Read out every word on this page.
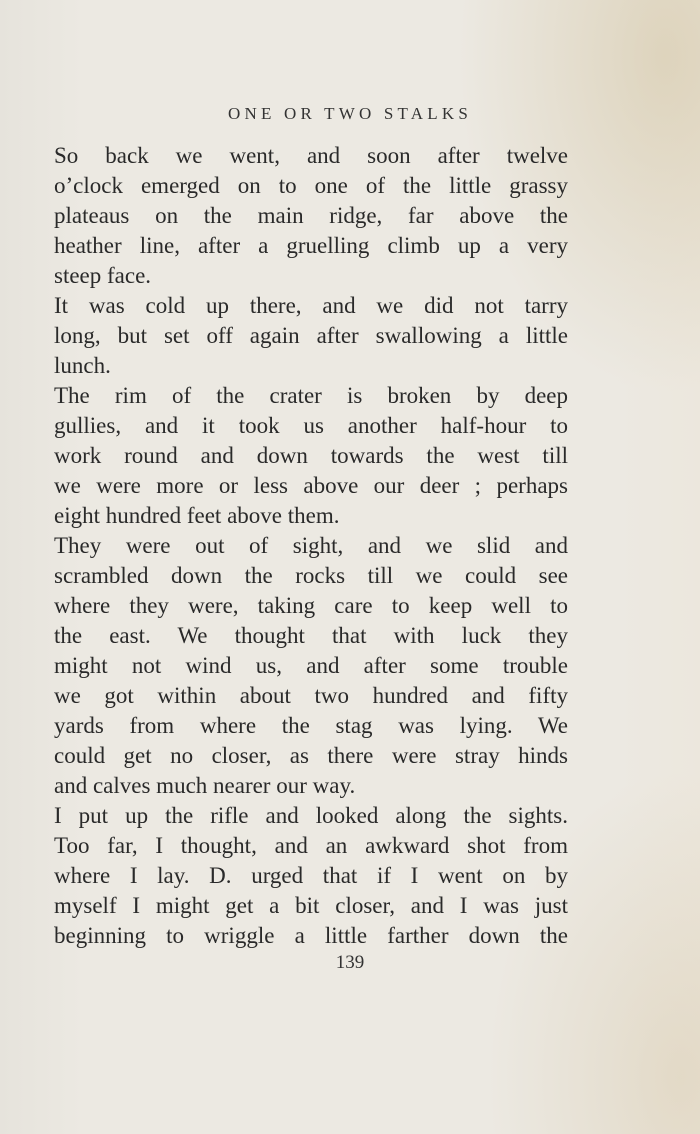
ONE OR TWO STALKS

So back we went, and soon after twelve
o’clock emerged on to one of the little grassy
plateaus on the main ridge, far above the
heather line, after a gruelling climb up a very
steep face.

It was cold up there, and we did not tarry
long, but set off again after swallowing a little
lunch.

The rim of the crater is broken by deep
gullies, and it took us another half-hour to
work round and down towards the west till
we were more or less above our deer ; perhaps
eight hundred feet above them.

They were out of sight, and we slid and
scrambled down the rocks till we could see
where they were, taking care to keep well to
the east. We thought that with luck they
might not wind us, and after some trouble
we got within about two hundred and fifty
yards from where the stag was lying. We
could get no closer, as there were stray hinds
and calves much nearer our way.

I put up the rifle and looked along the sights.
Too far, I thought, and an awkward shot from
where I lay. D. urged that if I went on by
myself I might get a bit closer, and I was just
beginning to wriggle a little farther down the

139
